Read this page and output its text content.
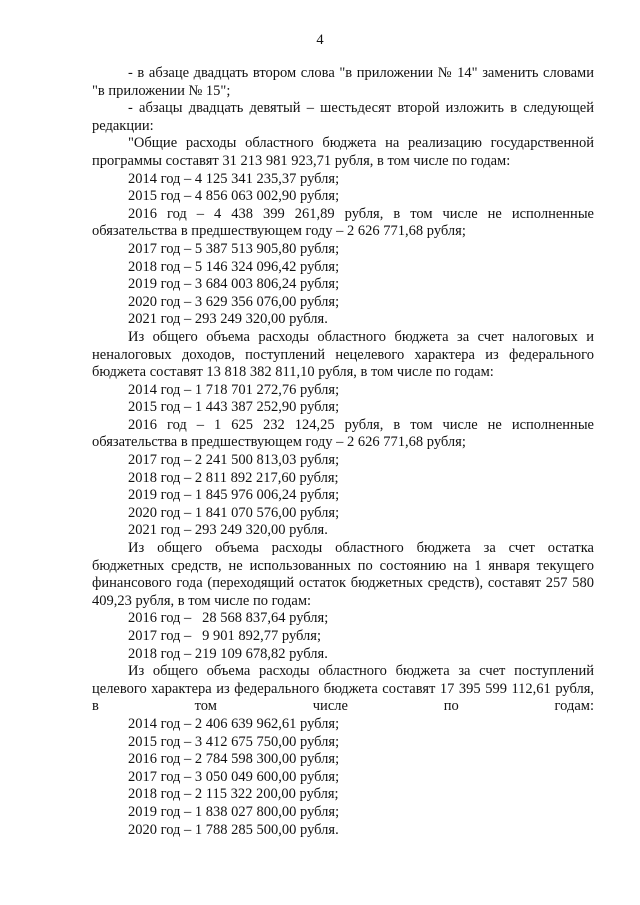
4

- в абзаце двадцать втором слова "в приложении № 14" заменить словами "в приложении № 15";

- абзацы двадцать девятый – шестьдесят второй изложить в следующей редакции:

"Общие расходы областного бюджета на реализацию государственной программы составят 31 213 981 923,71 рубля, в том числе по годам:

2014 год – 4 125 341 235,37 рубля;

2015 год – 4 856 063 002,90 рубля;

2016 год – 4 438 399 261,89 рубля, в том числе не исполненные обязательства в предшествующем году – 2 626 771,68 рубля;

2017 год – 5 387 513 905,80 рубля;

2018 год – 5 146 324 096,42 рубля;

2019 год – 3 684 003 806,24 рубля;

2020 год – 3 629 356 076,00 рубля;

2021 год – 293 249 320,00 рубля.

Из общего объема расходы областного бюджета за счет налоговых и неналоговых доходов, поступлений нецелевого характера из федерального бюджета составят 13 818 382 811,10 рубля, в том числе по годам:

2014 год – 1 718 701 272,76 рубля;

2015 год – 1 443 387 252,90 рубля;

2016 год – 1 625 232 124,25 рубля, в том числе не исполненные обязательства в предшествующем году – 2 626 771,68 рубля;

2017 год – 2 241 500 813,03 рубля;

2018 год – 2 811 892 217,60 рубля;

2019 год – 1 845 976 006,24 рубля;

2020 год – 1 841 070 576,00 рубля;

2021 год – 293 249 320,00 рубля.

Из общего объема расходы областного бюджета за счет остатка бюджетных средств, не использованных по состоянию на 1 января текущего финансового года (переходящий остаток бюджетных средств), составят 257 580 409,23 рубля, в том числе по годам:

2016 год –   28 568 837,64 рубля;

2017 год –   9 901 892,77 рубля;

2018 год – 219 109 678,82 рубля.

Из общего объема расходы областного бюджета за счет поступлений целевого характера из федерального бюджета составят 17 395 599 112,61 рубля, в том числе по годам:

2014 год – 2 406 639 962,61 рубля;

2015 год – 3 412 675 750,00 рубля;

2016 год – 2 784 598 300,00 рубля;

2017 год – 3 050 049 600,00 рубля;

2018 год – 2 115 322 200,00 рубля;

2019 год – 1 838 027 800,00 рубля;

2020 год – 1 788 285 500,00 рубля.
